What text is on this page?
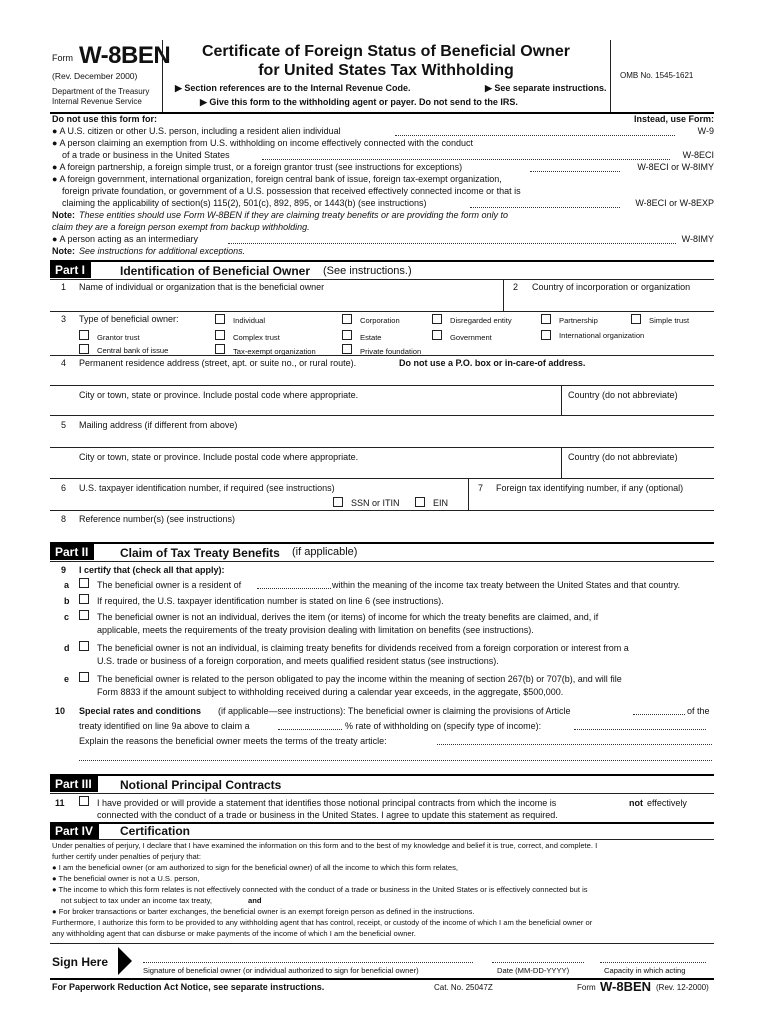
Form W-8BEN
(Rev. December 2000)
Department of the Treasury
Internal Revenue Service
Certificate of Foreign Status of Beneficial Owner
for United States Tax Withholding
▶ Section references are to the Internal Revenue Code.	▶ See separate instructions.
▶ Give this form to the withholding agent or payer. Do not send to the IRS.
OMB No. 1545-1621
Do not use this form for:	Instead, use Form:
● A U.S. citizen or other U.S. person, including a resident alien individual	W-9
● A person claiming an exemption from U.S. withholding on income effectively connected with the conduct
of a trade or business in the United States	W-8ECI
● A foreign partnership, a foreign simple trust, or a foreign grantor trust (see instructions for exceptions)	W-8ECI or W-8IMY
● A foreign government, international organization, foreign central bank of issue, foreign tax-exempt organization,
foreign private foundation, or government of a U.S. possession that received effectively connected income or that is
claiming the applicability of section(s) 115(2), 501(c), 892, 895, or 1443(b) (see instructions)	W-8ECI or W-8EXP
Note: These entities should use Form W-8BEN if they are claiming treaty benefits or are providing the form only to
claim they are a foreign person exempt from backup withholding.
● A person acting as an intermediary	W-8IMY
Note: See instructions for additional exceptions.
Part I	Identification of Beneficial Owner (See instructions.)
1 Name of individual or organization that is the beneficial owner	2 Country of incorporation or organization
3 Type of beneficial owner:	Individual	Corporation	Disregarded entity	Partnership	Simple trust
Grantor trust	Complex trust	Estate	Government	International organization
Central bank of issue	Tax-exempt organization	Private foundation
4 Permanent residence address (street, apt. or suite no., or rural route).	Do not use a P.O. box or in-care-of address.
City or town, state or province. Include postal code where appropriate.	Country (do not abbreviate)
5 Mailing address (if different from above)
City or town, state or province. Include postal code where appropriate.	Country (do not abbreviate)
6 U.S. taxpayer identification number, if required (see instructions)
SSN or ITIN	EIN
7 Foreign tax identifying number, if any (optional)
8 Reference number(s) (see instructions)
Part II	Claim of Tax Treaty Benefits (if applicable)
9 I certify that (check all that apply):
a	The beneficial owner is a resident of	within the meaning of the income tax treaty between the United States and that country.
b	If required, the U.S. taxpayer identification number is stated on line 6 (see instructions).
c	The beneficial owner is not an individual, derives the item (or items) of income for which the treaty benefits are claimed, and, if
applicable, meets the requirements of the treaty provision dealing with limitation on benefits (see instructions).
d	The beneficial owner is not an individual, is claiming treaty benefits for dividends received from a foreign corporation or interest from a
U.S. trade or business of a foreign corporation, and meets qualified resident status (see instructions).
e	The beneficial owner is related to the person obligated to pay the income within the meaning of section 267(b) or 707(b), and will file
Form 8833 if the amount subject to withholding received during a calendar year exceeds, in the aggregate, $500,000.
10 Special rates and conditions (if applicable—see instructions): The beneficial owner is claiming the provisions of Article	of the
treaty identified on line 9a above to claim a	% rate of withholding on (specify type of income):
Explain the reasons the beneficial owner meets the terms of the treaty article:
Part III	Notional Principal Contracts
11	I have provided or will provide a statement that identifies those notional principal contracts from which the income is	not effectively
connected with the conduct of a trade or business in the United States. I agree to update this statement as required.
Part IV	Certification
Under penalties of perjury, I declare that I have examined the information on this form and to the best of my knowledge and belief it is true, correct, and complete. I
further certify under penalties of perjury that:
● I am the beneficial owner (or am authorized to sign for the beneficial owner) of all the income to which this form relates,
● The beneficial owner is not a U.S. person,
● The income to which this form relates is not effectively connected with the conduct of a trade or business in the United States or is effectively connected but is
not subject to tax under an income tax treaty,	and
● For broker transactions or barter exchanges, the beneficial owner is an exempt foreign person as defined in the instructions.
Furthermore, I authorize this form to be provided to any withholding agent that has control, receipt, or custody of the income of which I am the beneficial owner or
any withholding agent that can disburse or make payments of the income of which I am the beneficial owner.
Sign Here
Signature of beneficial owner (or individual authorized to sign for beneficial owner)	Date (MM-DD-YYYY)	Capacity in which acting
For Paperwork Reduction Act Notice, see separate instructions.	Cat. No. 25047Z	Form W-8BEN (Rev. 12-2000)
